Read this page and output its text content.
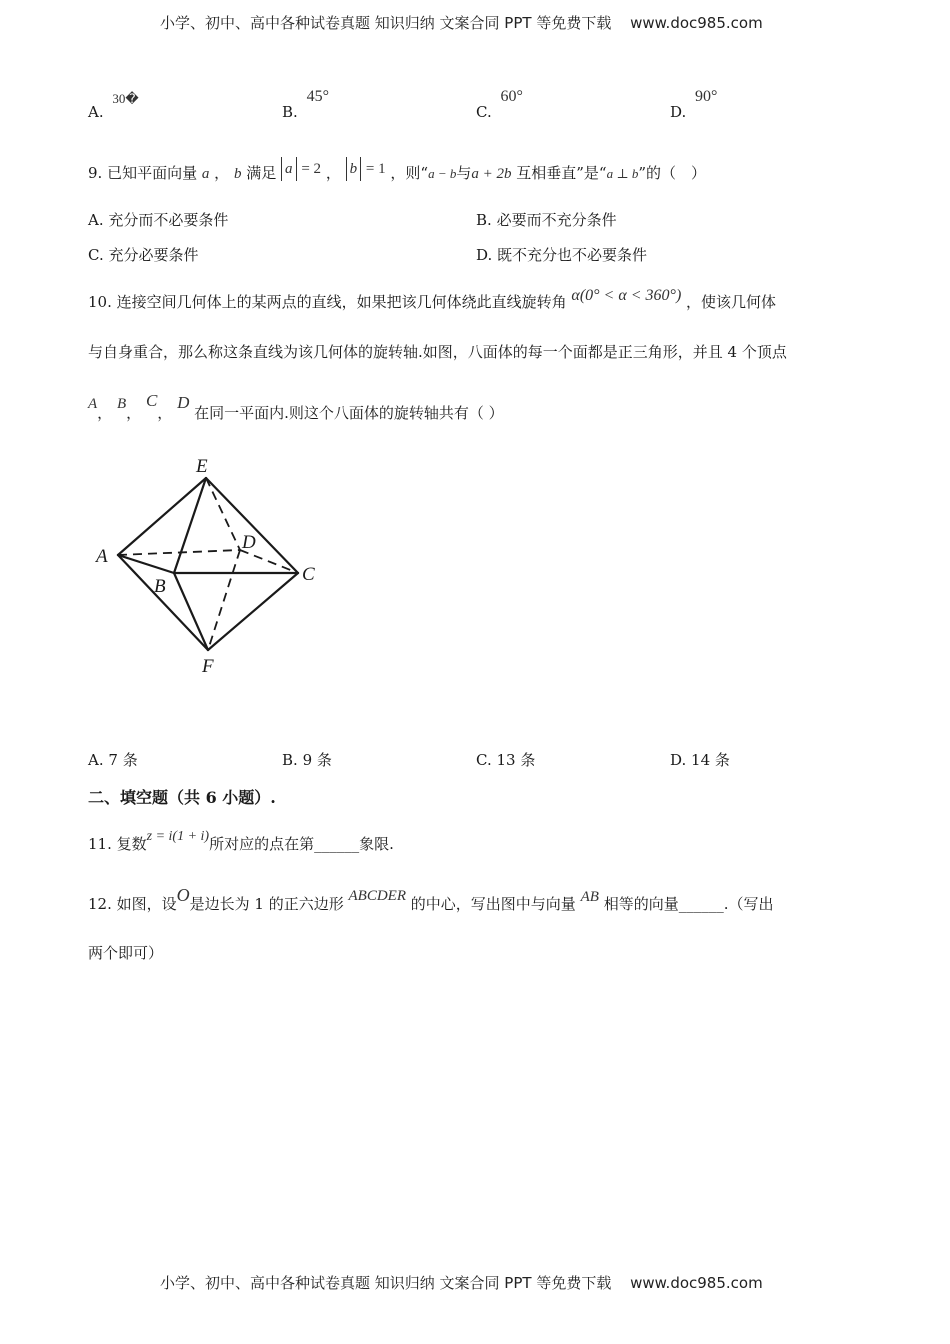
小学、初中、高中各种试卷真题 知识归纳 文案合同 PPT 等免费下载 www.doc985.com
A. 30�
B. 45°
C. 60°
D. 90°
9. 已知平面向量 a ， b 满足 a = 2 ， b = 1 ，则“a − b与a + 2b 互相垂直”是“a ⊥ b”的（　）
A. 充分而不必要条件	B. 必要而不充分条件
C. 充分必要条件	D. 既不充分也不必要条件
10. 连接空间几何体上的某两点的直线，如果把该几何体绕此直线旋转角 α(0° < α < 360°) ，使该几何体
与自身重合，那么称这条直线为该几何体的旋转轴.如图，八面体的每一个面都是正三角形，并且 4 个顶点
A， B， C， D 在同一平面内.则这个八面体的旋转轴共有（ ）
E
A
D
B
C
F
A. 7 条	B. 9 条	C. 13 条	D. 14 条
二、填空题（共 6 小题）.
11. 复数z = i(1 + i)所对应的点在第______象限.
12. 如图，设O是边长为 1 的正六边形 ABCDER 的中心，写出图中与向量 AB 相等的向量______.（写出
两个即可）
小学、初中、高中各种试卷真题 知识归纳 文案合同 PPT 等免费下载 www.doc985.com
